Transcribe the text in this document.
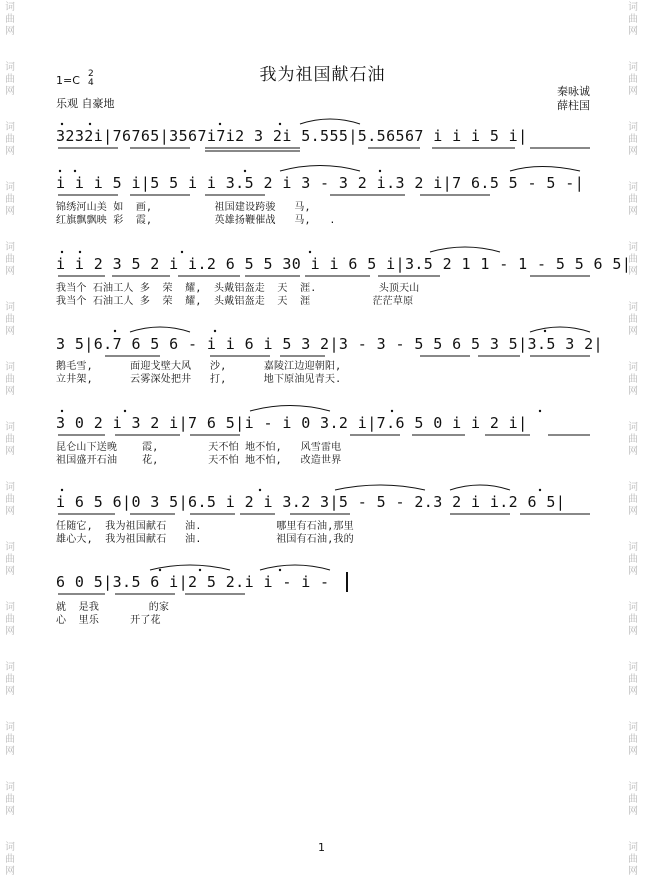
词
曲
网
词
曲
网
词
曲
网
词
曲
网
词
曲
网
词
曲
网
词
曲
网
词
曲
网
词
曲
网
词
曲
网
词
曲
网
词
曲
网
词
曲
网
词
曲
网
词
曲
网
词
曲
网
词
曲
网
词
曲
网
词
曲
网
词
曲
网
词
曲
网
词
曲
网
词
曲
网
词
曲
网
词
曲
网
词
曲
网
词
曲
网
词
曲
网
词
曲
网
词
曲
网
我为祖国献石油
1=C 2
4
乐观 自豪地
秦咏诚
薛柱国
3232i|76765|3567i7i2 3 2i 5.555|5.56567 i i i 5 i|
i i i 5 i|5 5 i i 3.5 2 i 3 - 3 2 i.3 2 i|7 6.5 5 - 5 -|
锦绣河山美 如  画,          祖国建设跨骏   马,
红旗飘飘映 彩  霞,          英雄扬鞭催战   马,   .
i i 2 3 5 2 i i.2 6 5 5 30 i i 6 5 i|3.5 2 1 1 - 1 - 5 5 6 5|
我当个 石油工人 多  荣  耀,  头戴铝盔走  天  涯.          头顶天山
我当个 石油工人 多  荣  耀,  头戴铝盔走  天  涯          茫茫草原
3 5|6.7 6 5 6 - i i 6 i 5 3 2|3 - 3 - 5 5 6 5 3 5|3.5 3 2|
鹅毛雪,      面迎戈壁大风   沙,      嘉陵江边迎朝阳,
立井架,      云雾深处把井   打,      地下原油见青天.
3 0 2 i 3 2 i|7 6 5|i - i 0 3.2 i|7.6 5 0 i i 2 i|
昆仑山下送晚    霞,        天不怕 地不怕,   风雪雷电
祖国盛开石油    花,        天不怕 地不怕,   改造世界
i 6 5 6|0 3 5|6.5 i 2 i 3.2 3|5 - 5 - 2.3 2 i i.2 6 5|
任随它,  我为祖国献石   油.            哪里有石油,那里
雄心大,  我为祖国献石   油.            祖国有石油,我的
6 0 5|3.5 6 i|2 5 2.i i - i -
就  是我        的家
心  里乐     开了花
1
